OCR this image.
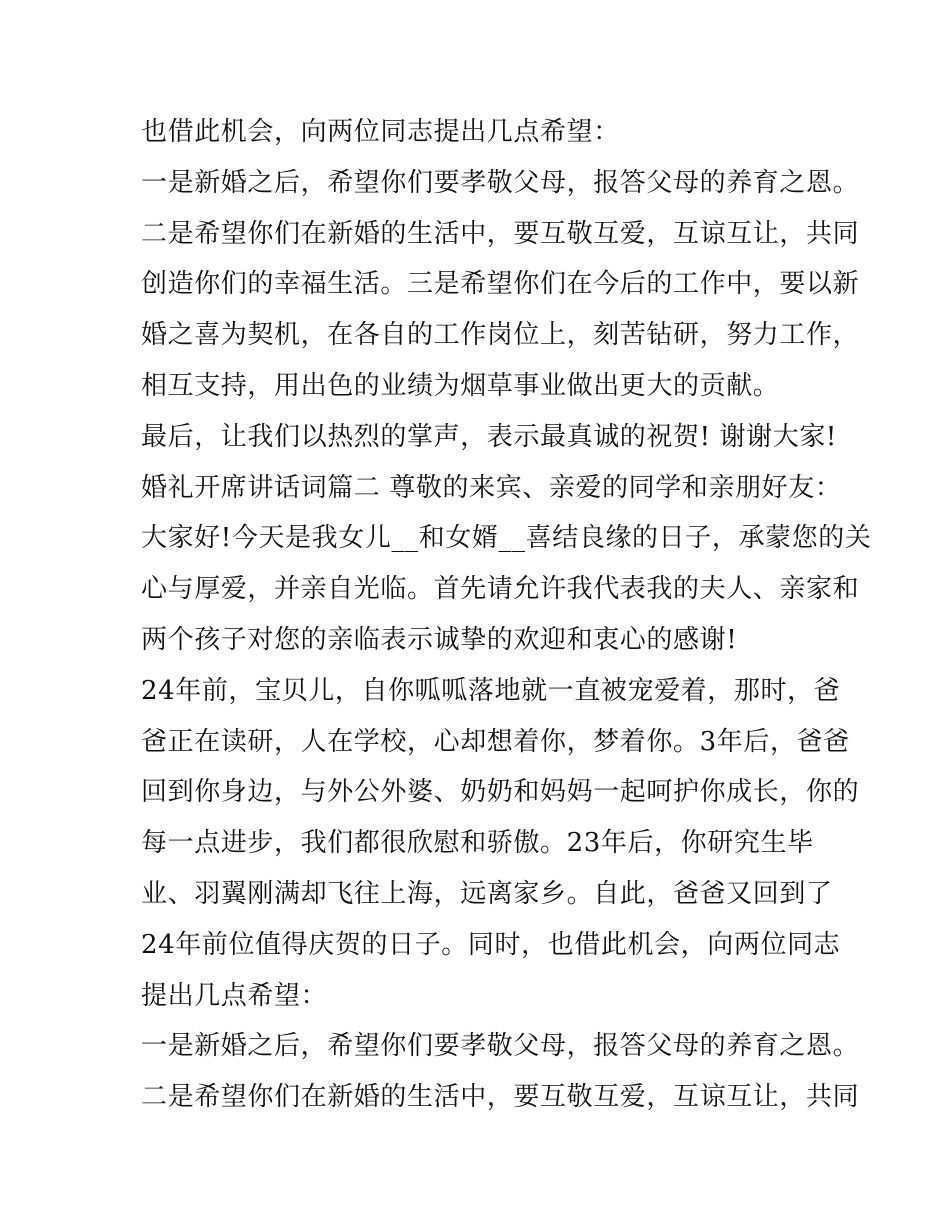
也借此机会，向两位同志提出几点希望：
一是新婚之后，希望你们要孝敬父母，报答父母的养育之恩。
二是希望你们在新婚的生活中，要互敬互爱，互谅互让，共同
创造你们的幸福生活。三是希望你们在今后的工作中，要以新
婚之喜为契机，在各自的工作岗位上，刻苦钻研，努力工作，
相互支持，用出色的业绩为烟草事业做出更大的贡献。
最后，让我们以热烈的掌声，表示最真诚的祝贺! 谢谢大家!
婚礼开席讲话词篇二 尊敬的来宾、亲爱的同学和亲朋好友：
大家好!今天是我女儿__和女婿__喜结良缘的日子，承蒙您的关
心与厚爱，并亲自光临。首先请允许我代表我的夫人、亲家和
两个孩子对您的亲临表示诚挚的欢迎和衷心的感谢!
24年前，宝贝儿，自你呱呱落地就一直被宠爱着，那时，爸
爸正在读研，人在学校，心却想着你，梦着你。3年后，爸爸
回到你身边，与外公外婆、奶奶和妈妈一起呵护你成长，你的
每一点进步，我们都很欣慰和骄傲。23年后，你研究生毕
业、羽翼刚满却飞往上海，远离家乡。自此，爸爸又回到了
24年前位值得庆贺的日子。同时，也借此机会，向两位同志
提出几点希望：
一是新婚之后，希望你们要孝敬父母，报答父母的养育之恩。
二是希望你们在新婚的生活中，要互敬互爱，互谅互让，共同
